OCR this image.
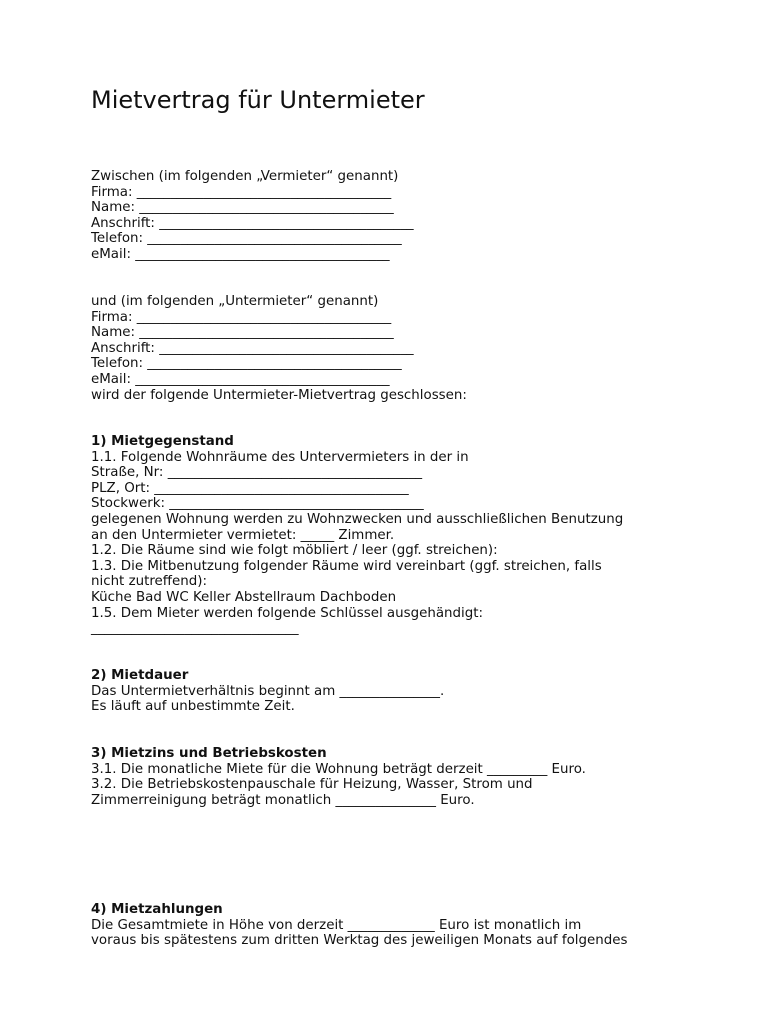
Mietvertrag für Untermieter
Zwischen (im folgenden „Vermieter“ genannt)
Firma: ______________________________________
Name: ______________________________________
Anschrift: ______________________________________
Telefon: ______________________________________
eMail: ______________________________________
und (im folgenden „Untermieter“ genannt)
Firma: ______________________________________
Name: ______________________________________
Anschrift: ______________________________________
Telefon: ______________________________________
eMail: ______________________________________
wird der folgende Untermieter-Mietvertrag geschlossen:
1) Mietgegenstand
1.1. Folgende Wohnräume des Untervermieters in der in
Straße, Nr: ______________________________________
PLZ, Ort: ______________________________________
Stockwerk: ______________________________________
gelegenen Wohnung werden zu Wohnzwecken und ausschließlichen Benutzung
an den Untermieter vermietet: _____ Zimmer.
1.2. Die Räume sind wie folgt möbliert / leer (ggf. streichen):
1.3. Die Mitbenutzung folgender Räume wird vereinbart (ggf. streichen, falls
nicht zutreffend):
Küche Bad WC Keller Abstellraum Dachboden
1.5. Dem Mieter werden folgende Schlüssel ausgehändigt:
_______________________________
2) Mietdauer
Das Untermietverhältnis beginnt am _______________.
Es läuft auf unbestimmte Zeit.
3) Mietzins und Betriebskosten
3.1. Die monatliche Miete für die Wohnung beträgt derzeit _________ Euro.
3.2. Die Betriebskostenpauschale für Heizung, Wasser, Strom und
Zimmerreinigung beträgt monatlich _______________ Euro.
4) Mietzahlungen
Die Gesamtmiete in Höhe von derzeit _____________ Euro ist monatlich im
voraus bis spätestens zum dritten Werktag des jeweiligen Monats auf folgendes
